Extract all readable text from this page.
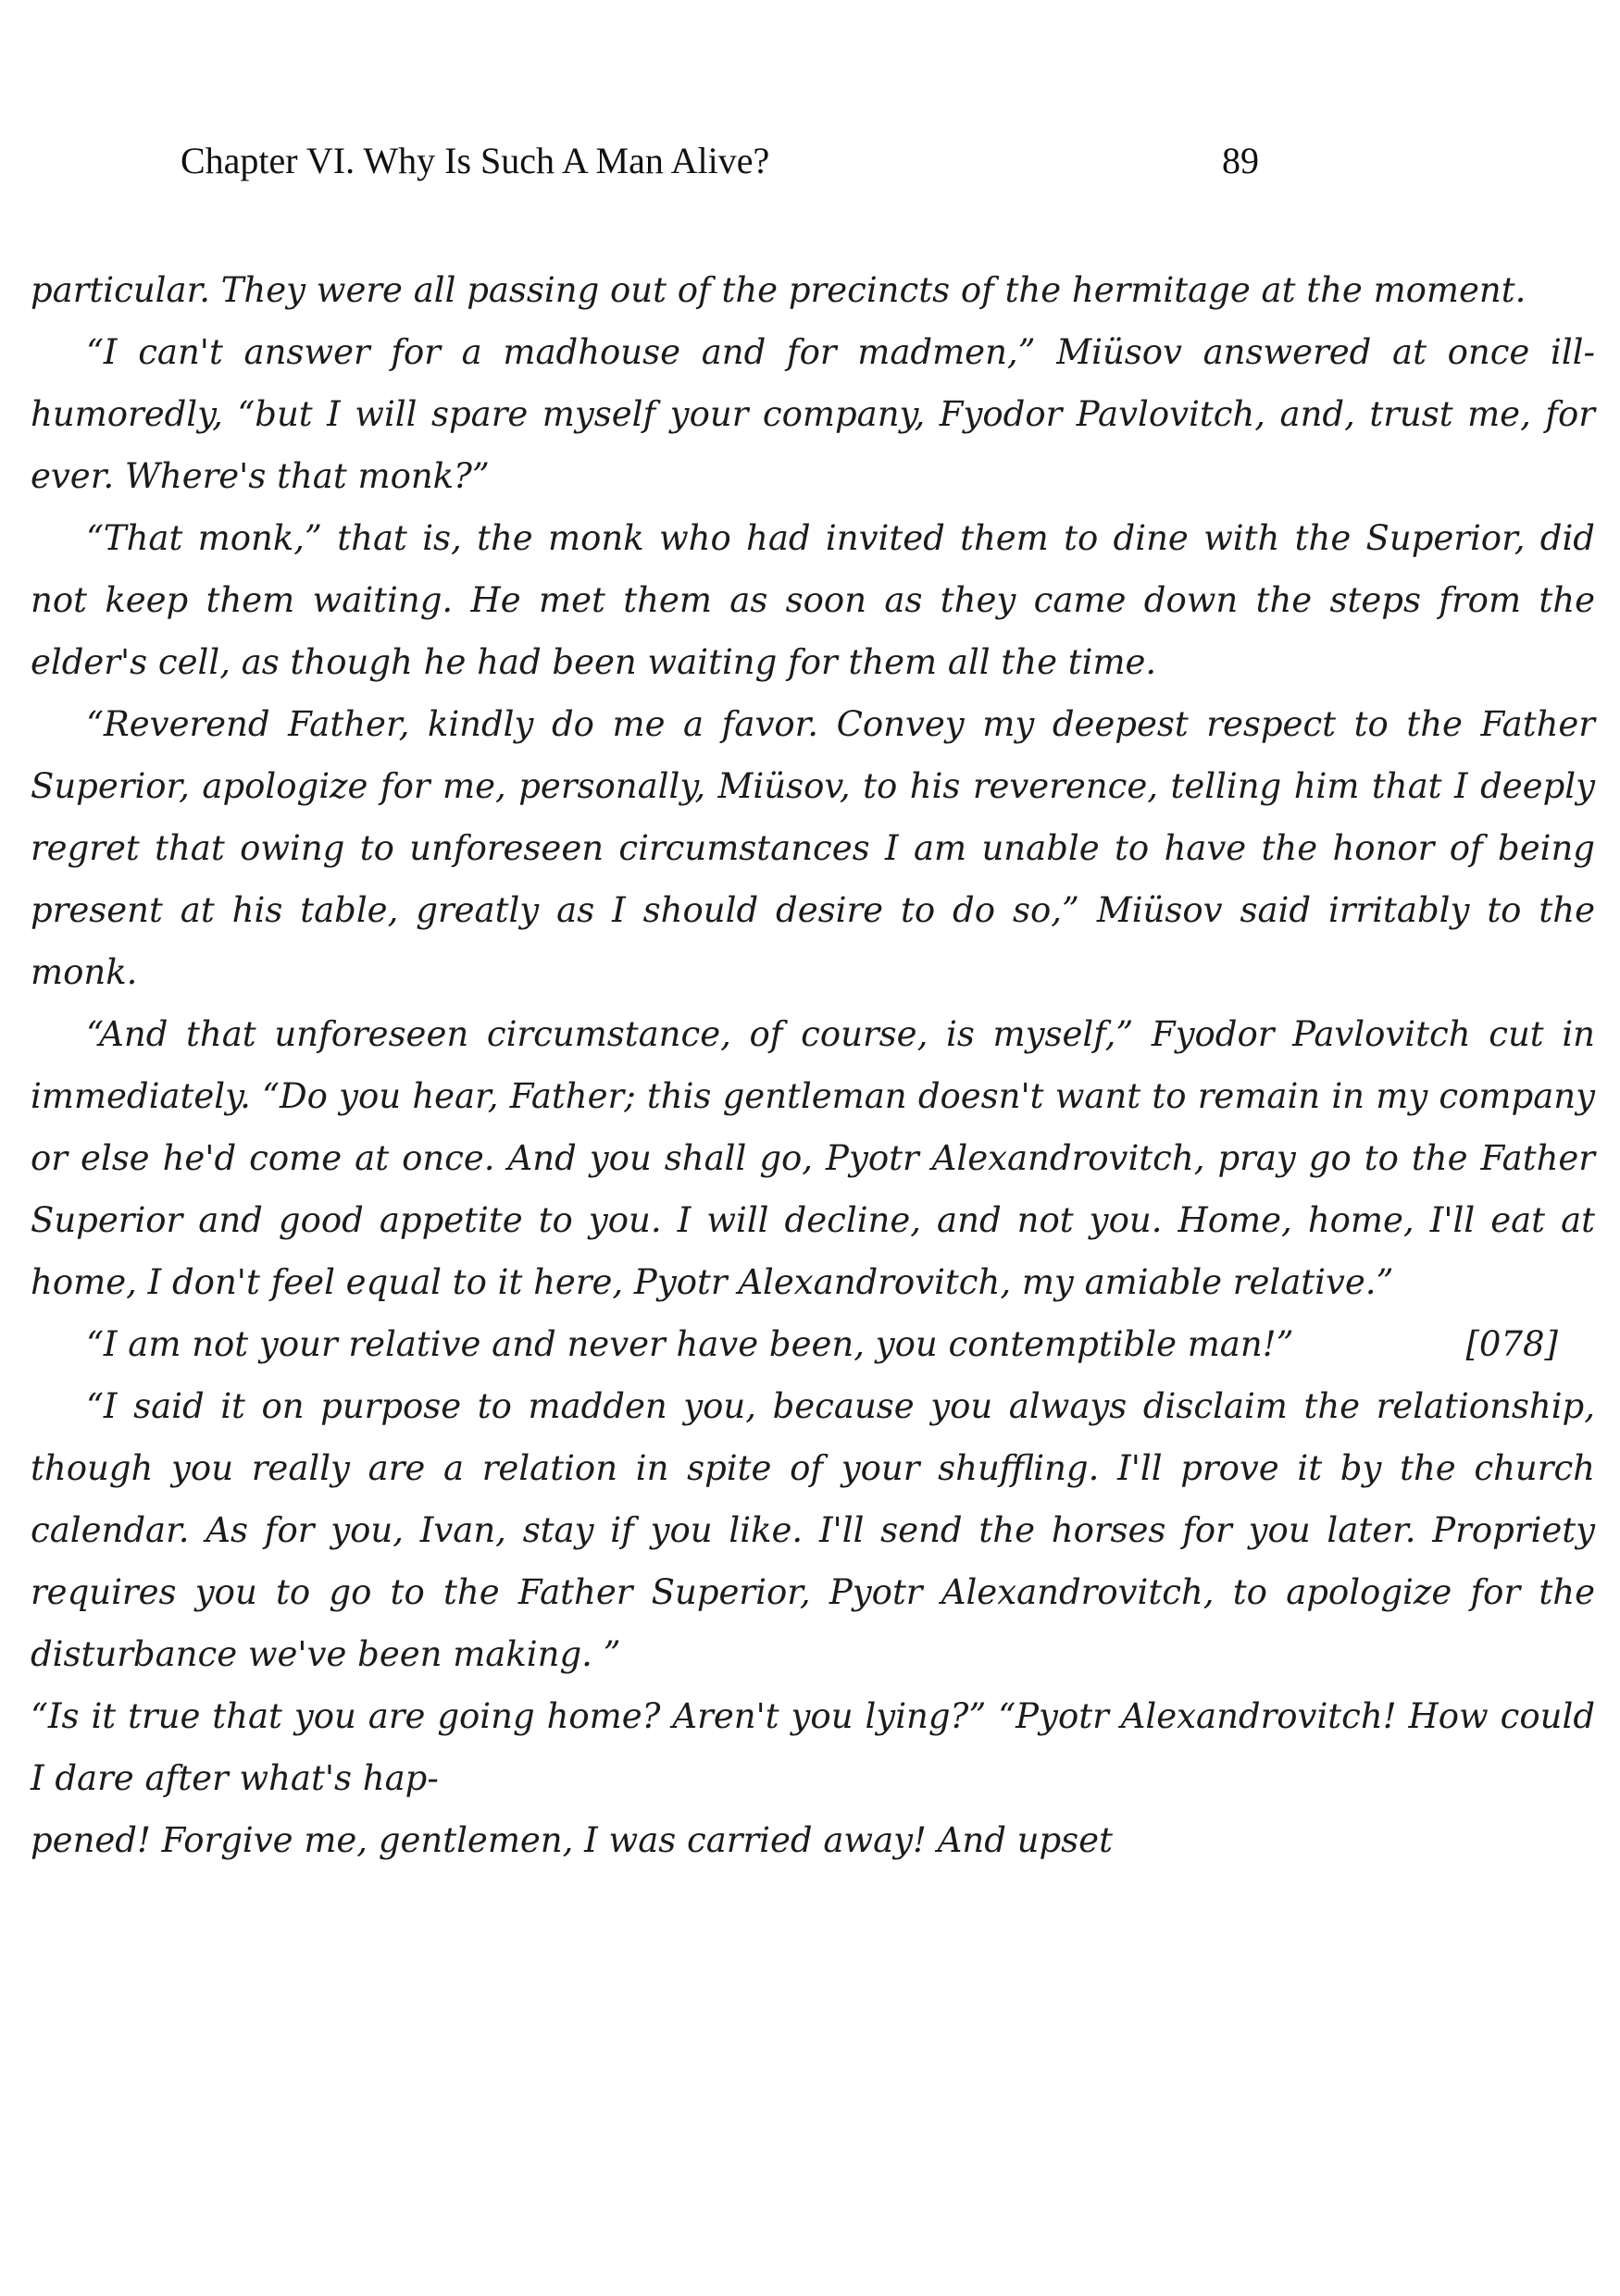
Chapter VI. Why Is Such A Man Alive?	89

particular. They were all passing out of the precincts of the hermitage at the moment.

“I can't answer for a madhouse and for madmen,” Miüsov answered at once ill-humoredly, “but I will spare myself your company, Fyodor Pavlovitch, and, trust me, for ever. Where's that monk?”

“That monk,” that is, the monk who had invited them to dine with the Superior, did not keep them waiting. He met them as soon as they came down the steps from the elder's cell, as though he had been waiting for them all the time.

“Reverend Father, kindly do me a favor. Convey my deepest respect to the Father Superior, apologize for me, personally, Miüsov, to his reverence, telling him that I deeply regret that owing to unforeseen circumstances I am unable to have the honor of being present at his table, greatly as I should desire to do so,” Miüsov said irritably to the monk.

“And that unforeseen circumstance, of course, is myself,” Fyodor Pavlovitch cut in immediately. “Do you hear, Father; this gentleman doesn't want to remain in my company or else he'd come at once. And you shall go, Pyotr Alexandrovitch, pray go to the Father Superior and good appetite to you. I will decline, and not you. Home, home, I'll eat at home, I don't feel equal to it here, Pyotr Alexandrovitch, my amiable relative.”

“I am not your relative and never have been, you contemptible man!”	[078]

“I said it on purpose to madden you, because you always disclaim the relationship, though you really are a relation in spite of your shuffling. I'll prove it by the church calendar. As for you, Ivan, stay if you like. I'll send the horses for you later. Propriety requires you to go to the Father Superior, Pyotr Alexandrovitch, to apologize for the disturbance we've been making. ”

“Is it true that you are going home? Aren't you lying?” “Pyotr Alexandrovitch! How could I dare after what's hap-

pened! Forgive me, gentlemen, I was carried away! And upset
